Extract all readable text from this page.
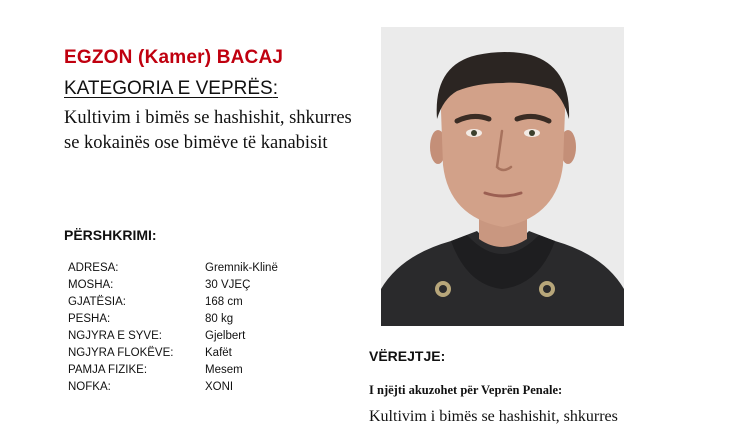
EGZON (Kamer) BACAJ
KATEGORIA E VEPRËS:
Kultivim i bimës se hashishit, shkurres se kokainës ose bimëve të kanabisit
PËRSHKRIMI:
ADRESA:	Gremnik-Klinë
MOSHA:	30 VJEÇ
GJATËSIA:	168 cm
PESHA:	80 kg
NGJYRA E SYVE:	Gjelbert
NGJYRA FLOKËVE:	Kafët
PAMJA FIZIKE:	Mesem
NOFKA:	XONI
VËREJTJE:
I njëjti akuzohet për Veprën Penale:
Kultivim i bimës se hashishit, shkurres
